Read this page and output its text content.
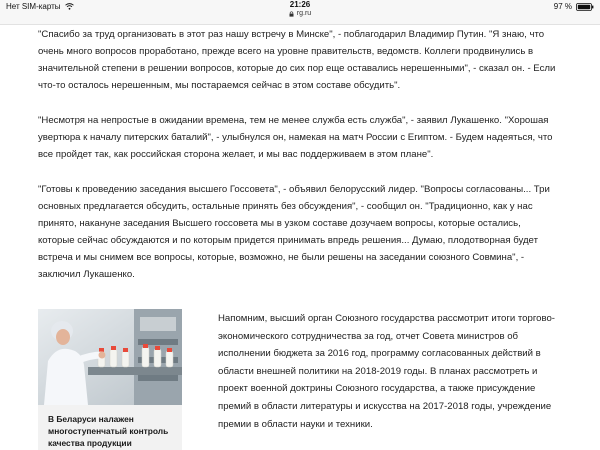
Нет SIM-карты	21:26
rg.ru
97 %

"Спасибо за труд организовать в этот раз нашу встречу в Минске", - поблагодарил Владимир Путин. "Я знаю, что очень много вопросов проработано, прежде всего на уровне правительств, ведомств. Коллеги продвинулись в значительной степени в решении вопросов, которые до сих пор еще оставались нерешенными", - сказал он. - Если что-то осталось нерешенным, мы постараемся сейчас в этом составе обсудить".

"Несмотря на непростые в ожидании времена, тем не менее служба есть служба", - заявил Лукашенко. "Хорошая увертюра к началу питерских баталий", - улыбнулся он, намекая на матч России с Египтом. - Будем надеяться, что все пройдет так, как российская сторона желает, и мы вас поддерживаем в этом плане".

"Готовы к проведению заседания высшего Госсовета", - объявил белорусский лидер. "Вопросы согласованы... Три основных предлагается обсудить, остальные принять без обсуждения", - сообщил он. "Традиционно, как у нас принято, накануне заседания Высшего госсовета мы в узком составе дозучаем вопросы, которые остались, которые сейчас обсуждаются и по которым придется принимать впредь решения... Думаю, плодотворная будет встреча и мы снимем все вопросы, которые, возможно, не были решены на заседании союзного Совмина", - заключил Лукашенко.

В Беларуси налажен многоступенчатый контроль качества продукции

Напомним, высший орган Союзного государства рассмотрит итоги торгово-экономического сотрудничества за год, отчет Совета министров об исполнении бюджета за 2016 год, программу согласованных действий в области внешней политики на 2018-2019 годы. В планах рассмотреть и проект военной доктрины Союзного государства, а также присуждение премий в области литературы и искусства на 2017-2018 годы, учреждение премии в области науки и техники.
